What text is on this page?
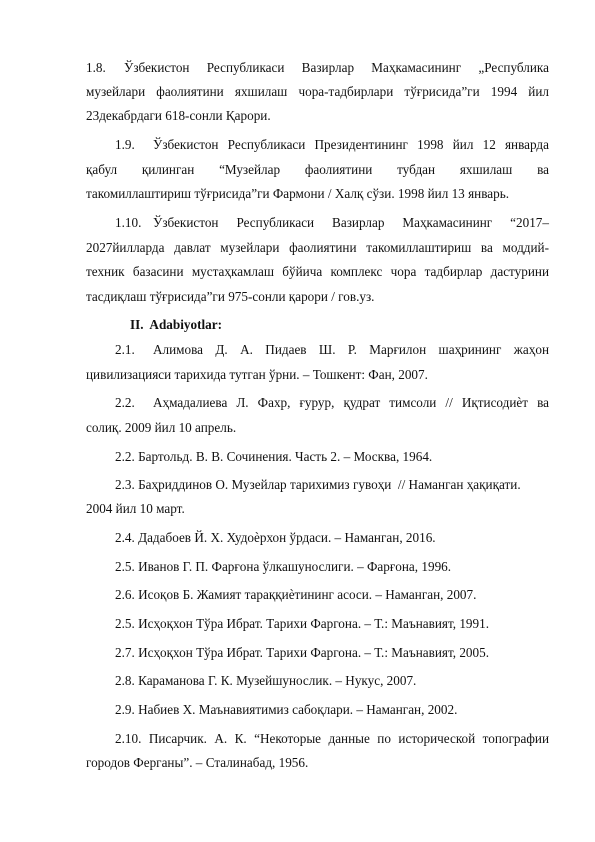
1.8. Ўзбекистон Республикаси Вазирлар Маҳкамасининг „Республика
музейлари фаолиятини яхшилаш чора-тадбирлари тўғрисида”ги 1994 йил
23декабрдаги 618-сонли Қарори.
1.9. Ўзбекистон Республикаси Президентининг 1998 йил 12 январда
қабул қилинган “Музейлар фаолиятини тубдан яхшилаш ва
такомиллаштириш тўғрисида”ги Фармони / Халқ сўзи. 1998 йил 13 январь.
1.10. Ўзбекистон Республикаси Вазирлар Маҳкамасининг “2017–
2027йилларда давлат музейлари фаолиятини такомиллаштириш ва моддий-
техник базасини мустаҳкамлаш бўйича комплекс чора тадбирлар дастурини
тасдиқлаш тўғрисида”ги 975-сонли қарори / гов.уз.
II.  Adabiyotlar:
2.1. Алимова Д. А. Пидаев Ш. Р. Марғилон шаҳрининг жаҳон
цивилизацияси тарихида тутган ўрни. – Тошкент: Фан, 2007.
2.2. Аҳмадалиева Л. Фахр, ғурур, қудрат тимсоли // Иқтисодиѐт ва
солиқ. 2009 йил 10 апрель.
2.2. Бартольд. В. В. Сочинения. Часть 2. – Москва, 1964.
2.3. Баҳриддинов О. Музейлар тарихимиз гувоҳи  // Наманган ҳақиқати.
2004 йил 10 март.
2.4. Дадабоев Й. Х. Худоѐрхон ўрдаси. – Наманган, 2016.
2.5. Иванов Г. П. Фарғона ўлкашунослиги. – Фарғона, 1996.
2.6. Исоқов Б. Жамият тараққиѐтининг асоси. – Наманган, 2007.
2.5. Исҳоқхон Тўра Ибрат. Тарихи Фаргона. – Т.: Маънавият, 1991.
2.7. Исҳоқхон Тўра Ибрат. Тарихи Фаргона. – Т.: Маънавият, 2005.
2.8. Караманова Г. К. Музейшунослик. – Нукус, 2007.
2.9. Набиев Х. Маънавиятимиз сабоқлари. – Наманган, 2002.
2.10. Писарчик. А. К. “Некоторые данные по исторической топографии
городов Ферганы”. – Сталинабад, 1956.
